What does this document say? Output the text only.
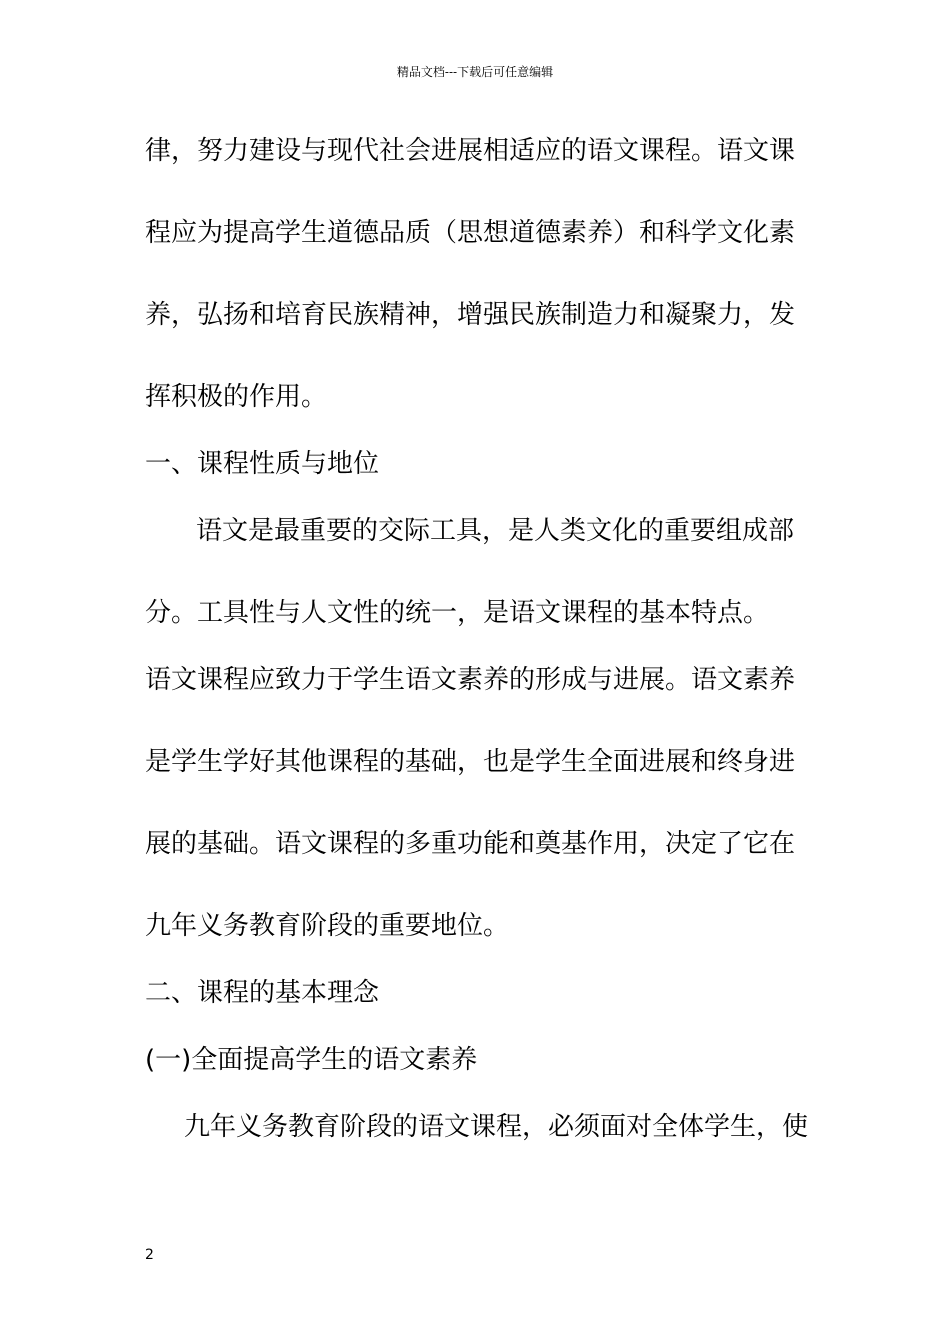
精品文档---下载后可任意编辑
律，努力建设与现代社会进展相适应的语文课程。语文课
程应为提高学生道德品质（思想道德素养）和科学文化素
养，弘扬和培育民族精神，增强民族制造力和凝聚力，发
挥积极的作用。
一、课程性质与地位
语文是最重要的交际工具，是人类文化的重要组成部
分。工具性与人文性的统一，是语文课程的基本特点。
语文课程应致力于学生语文素养的形成与进展。语文素养
是学生学好其他课程的基础，也是学生全面进展和终身进
展的基础。语文课程的多重功能和奠基作用，决定了它在
九年义务教育阶段的重要地位。
二、课程的基本理念
(一)全面提高学生的语文素养
九年义务教育阶段的语文课程，必须面对全体学生，使
2
